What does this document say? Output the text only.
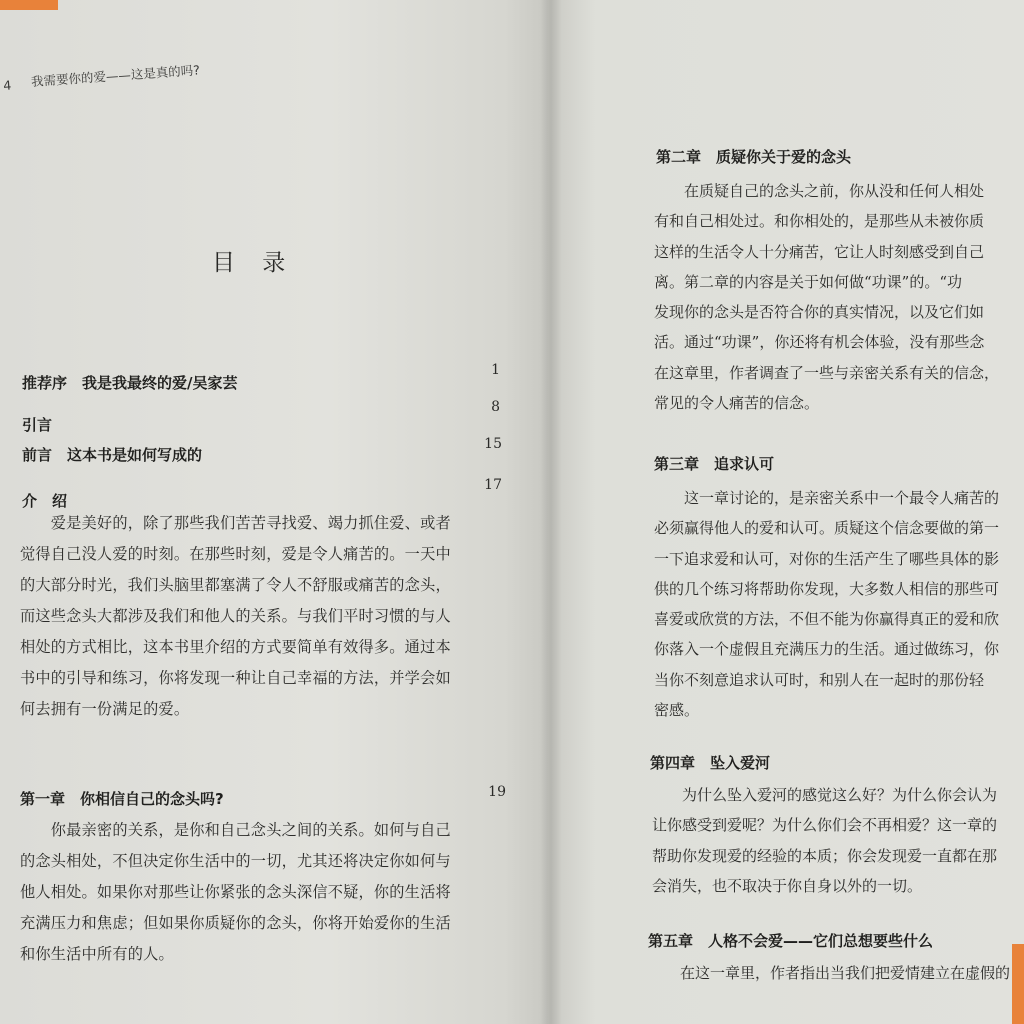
4 我需要你的爱——这是真的吗?
目 录
推荐序　我是我最终的爱/吴家芸
1
引言
8
前言　这本书是如何写成的
15
介　绍
17
　　爱是美好的，除了那些我们苦苦寻找爱、竭力抓住爱、或者
觉得自己没人爱的时刻。在那些时刻，爱是令人痛苦的。一天中
的大部分时光，我们头脑里都塞满了令人不舒服或痛苦的念头，
而这些念头大都涉及我们和他人的关系。与我们平时习惯的与人
相处的方式相比，这本书里介绍的方式要简单有效得多。通过本
书中的引导和练习，你将发现一种让自己幸福的方法，并学会如
何去拥有一份满足的爱。
第一章　你相信自己的念头吗?	19
　　你最亲密的关系，是你和自己念头之间的关系。如何与自己
的念头相处，不但决定你生活中的一切，尤其还将决定你如何与
他人相处。如果你对那些让你紧张的念头深信不疑，你的生活将
充满压力和焦虑；但如果你质疑你的念头，你将开始爱你的生活
和你生活中所有的人。
第二章　质疑你关于爱的念头
　　在质疑自己的念头之前，你从没和任何人相处
有和自己相处过。和你相处的，是那些从未被你质
这样的生活令人十分痛苦，它让人时刻感受到自己
离。第二章的内容是关于如何做“功课”的。“功
发现你的念头是否符合你的真实情况，以及它们如
活。通过“功课”，你还将有机会体验，没有那些念
在这章里，作者调查了一些与亲密关系有关的信念，
常见的令人痛苦的信念。
第三章　追求认可
　　这一章讨论的，是亲密关系中一个最令人痛苦的
必须赢得他人的爱和认可。质疑这个信念要做的第一
一下追求爱和认可，对你的生活产生了哪些具体的影
供的几个练习将帮助你发现，大多数人相信的那些可
喜爱或欣赏的方法，不但不能为你赢得真正的爱和欣
你落入一个虚假且充满压力的生活。通过做练习，你
当你不刻意追求认可时，和别人在一起时的那份轻
密感。
第四章　坠入爱河
　　为什么坠入爱河的感觉这么好？为什么你会认为
让你感受到爱呢？为什么你们会不再相爱？这一章的
帮助你发现爱的经验的本质；你会发现爱一直都在那
会消失，也不取决于你自身以外的一切。
第五章　人格不会爱——它们总想要些什么
　　在这一章里，作者指出当我们把爱情建立在虚假的
